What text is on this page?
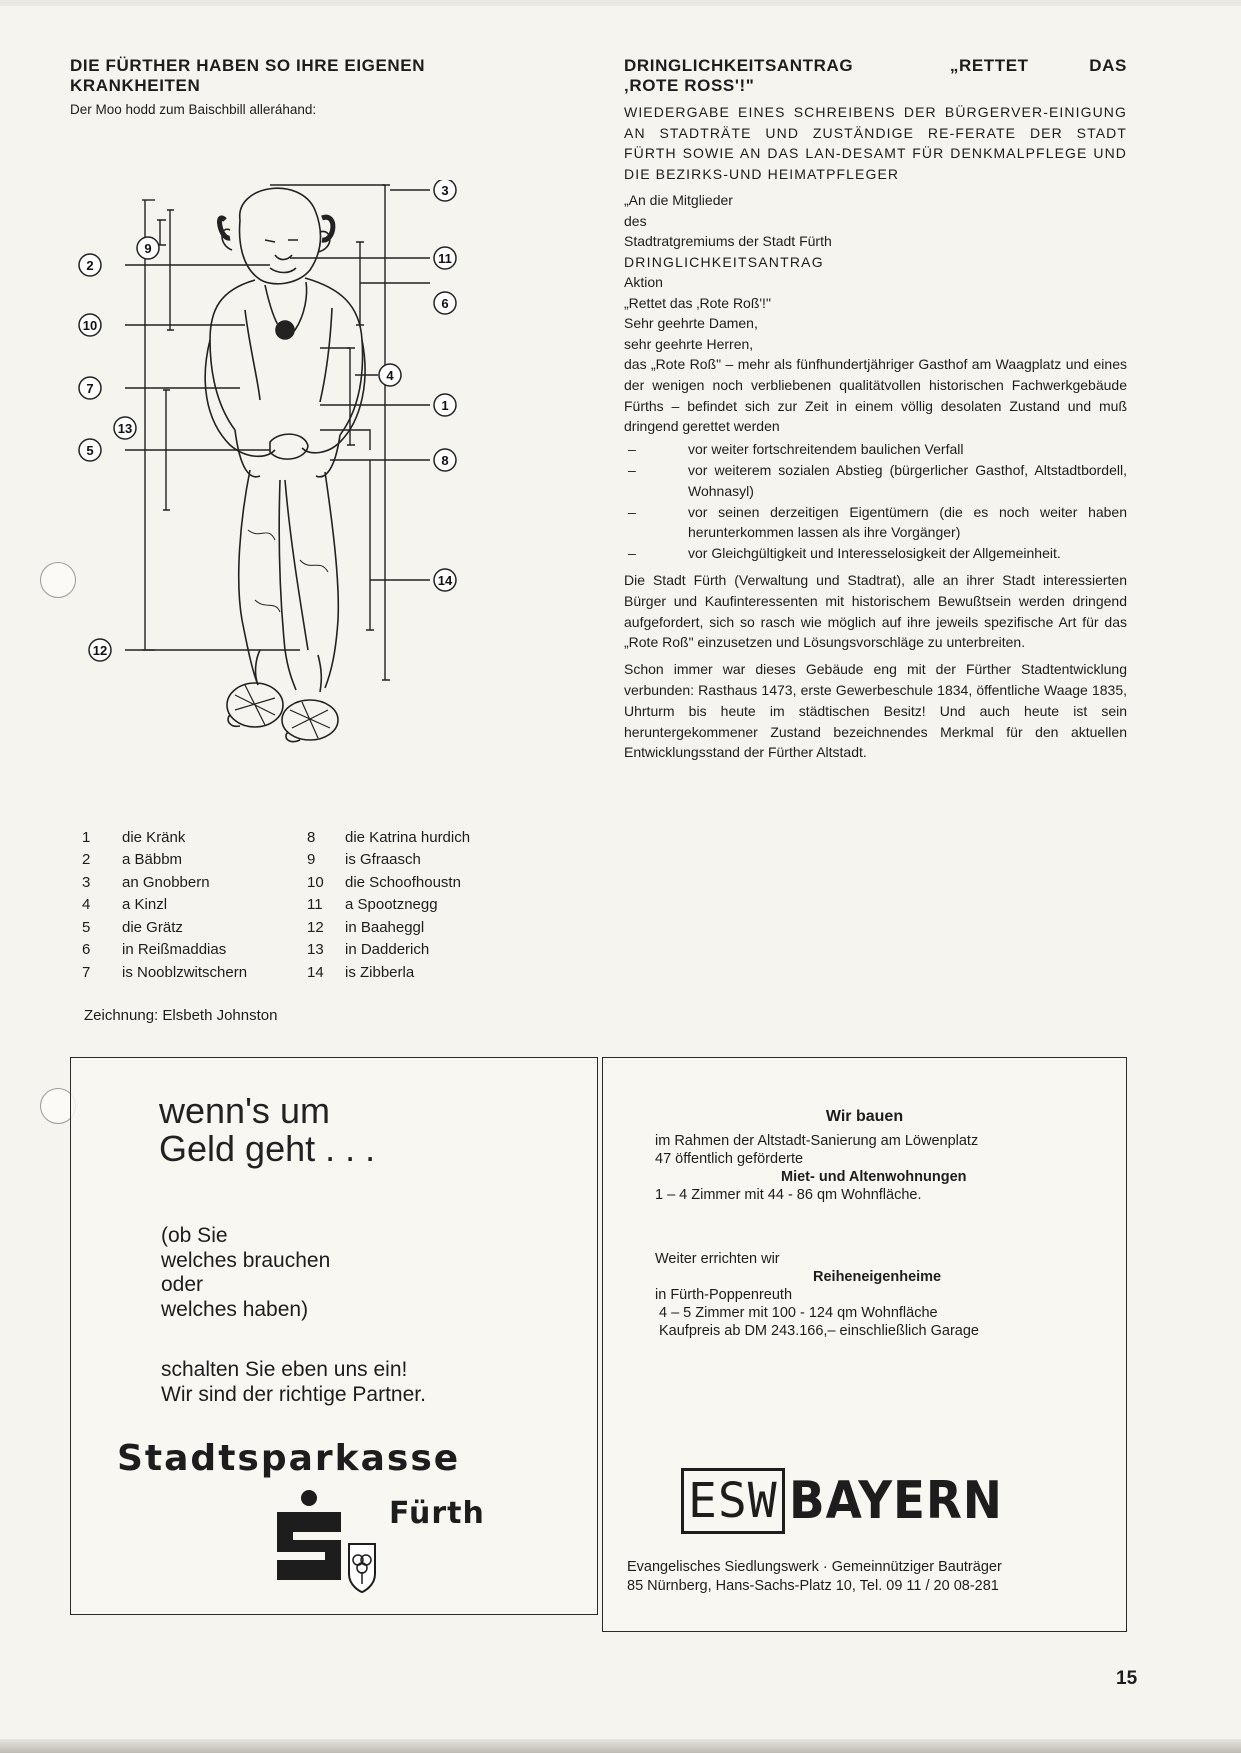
DIE FÜRTHER HABEN SO IHRE EIGENEN
KRANKHEITEN
Der Moo hodd zum Baischbill alleráhand:
3
9
11
2
6
10
4
7
1
13
8
5
14
12
1	die Kränk	8	die Katrina hurdich
2	a Bäbbm	9	is Gfraasch
3	an Gnobbern	10	die Schoofhoustn
4	a Kinzl	11	a Spootznegg
5	die Grätz	12	in Baaheggl
6	in Reißmaddias	13	in Dadderich
7	is Nooblzwitschern	14	is Zibberla
Zeichnung: Elsbeth Johnston
DRINGLICHKEITSANTRAG	„RETTET	DAS
‚ROTE ROSS'!"
WIEDERGABE EINES SCHREIBENS DER BÜRGERVER-EINIGUNG AN STADTRÄTE UND ZUSTÄNDIGE RE-FERATE DER STADT FÜRTH SOWIE AN DAS LAN-DESAMT FÜR DENKMALPFLEGE UND DIE BEZIRKS-UND HEIMATPFLEGER
„An die Mitglieder
des
Stadtratgremiums der Stadt Fürth
DRINGLICHKEITSANTRAG
Aktion
„Rettet das ‚Rote Roß'!"
Sehr geehrte Damen,
sehr geehrte Herren,
das „Rote Roß" – mehr als fünfhundertjähriger Gasthof am Waagplatz und eines der wenigen noch verbliebenen qualitätvollen historischen Fachwerkgebäude Fürths – befindet sich zur Zeit in einem völlig desolaten Zustand und muß dringend gerettet werden
–	vor weiter fortschreitendem baulichen Verfall
–	vor weiterem sozialen Abstieg (bürgerlicher Gasthof, Altstadtbordell, Wohnasyl)
–	vor seinen derzeitigen Eigentümern (die es noch weiter haben herunterkommen lassen als ihre Vorgänger)
–	vor Gleichgültigkeit und Interesselosigkeit der Allgemeinheit.
Die Stadt Fürth (Verwaltung und Stadtrat), alle an ihrer Stadt interessierten Bürger und Kaufinteressenten mit historischem Bewußtsein werden dringend aufgefordert, sich so rasch wie möglich auf ihre jeweils spezifische Art für das „Rote Roß" einzusetzen und Lösungsvorschläge zu unterbreiten.
Schon immer war dieses Gebäude eng mit der Fürther Stadtentwicklung verbunden: Rasthaus 1473, erste Gewerbeschule 1834, öffentliche Waage 1835, Uhrturm bis heute im städtischen Besitz! Und auch heute ist sein heruntergekommener Zustand bezeichnendes Merkmal für den aktuellen Entwicklungsstand der Fürther Altstadt.
wenn's um
Geld geht . . .
(ob Sie
welches brauchen
oder
welches haben)
schalten Sie eben uns ein!
Wir sind der richtige Partner.
Stadtsparkasse
Fürth
Wir bauen
im Rahmen der Altstadt-Sanierung am Löwenplatz
47 öffentlich geförderte
Miet- und Altenwohnungen
1 – 4 Zimmer mit 44 - 86 qm Wohnfläche.
Weiter errichten wir
Reiheneigenheime
in Fürth-Poppenreuth
4 – 5 Zimmer mit 100 - 124 qm Wohnfläche
Kaufpreis ab DM 243.166,– einschließlich Garage
ESW BAYERN
Evangelisches Siedlungswerk · Gemeinnütziger Bauträger
85 Nürnberg, Hans-Sachs-Platz 10, Tel. 09 11 / 20 08-281
15
